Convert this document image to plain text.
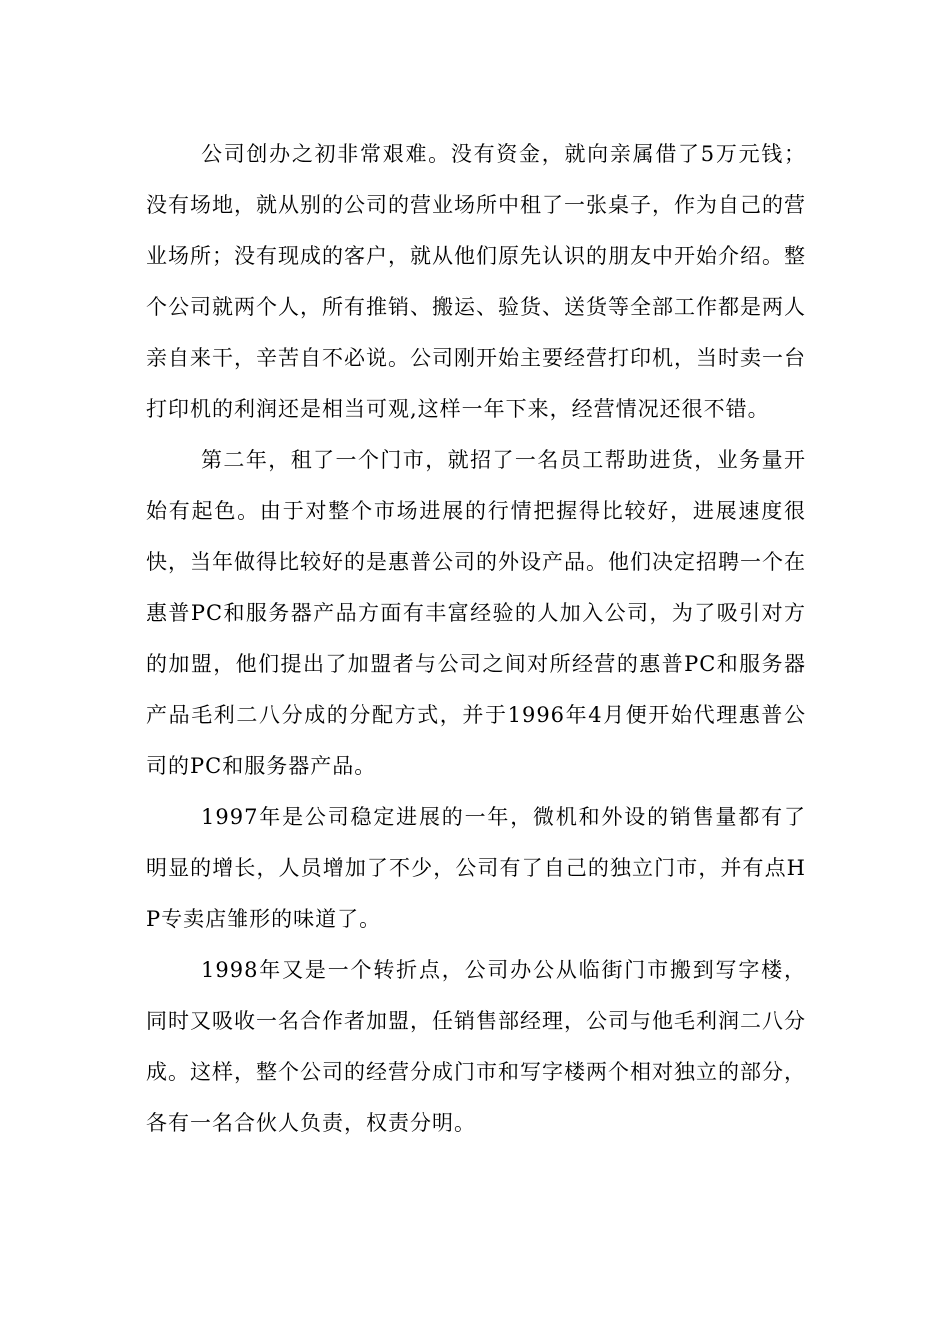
公司创办之初非常艰难。没有资金，就向亲属借了5万元钱；没有场地，就从别的公司的营业场所中租了一张桌子，作为自己的营业场所；没有现成的客户，就从他们原先认识的朋友中开始介绍。整个公司就两个人，所有推销、搬运、验货、送货等全部工作都是两人亲自来干，辛苦自不必说。公司刚开始主要经营打印机，当时卖一台打印机的利润还是相当可观,这样一年下来，经营情况还很不错。

第二年，租了一个门市，就招了一名员工帮助进货，业务量开始有起色。由于对整个市场进展的行情把握得比较好，进展速度很快，当年做得比较好的是惠普公司的外设产品。他们决定招聘一个在惠普PC和服务器产品方面有丰富经验的人加入公司，为了吸引对方的加盟，他们提出了加盟者与公司之间对所经营的惠普PC和服务器产品毛利二八分成的分配方式，并于1996年4月便开始代理惠普公司的PC和服务器产品。

1997年是公司稳定进展的一年，微机和外设的销售量都有了明显的增长，人员增加了不少，公司有了自己的独立门市，并有点HP专卖店雏形的味道了。

1998年又是一个转折点，公司办公从临街门市搬到写字楼，同时又吸收一名合作者加盟，任销售部经理，公司与他毛利润二八分成。这样，整个公司的经营分成门市和写字楼两个相对独立的部分，各有一名合伙人负责，权责分明。
